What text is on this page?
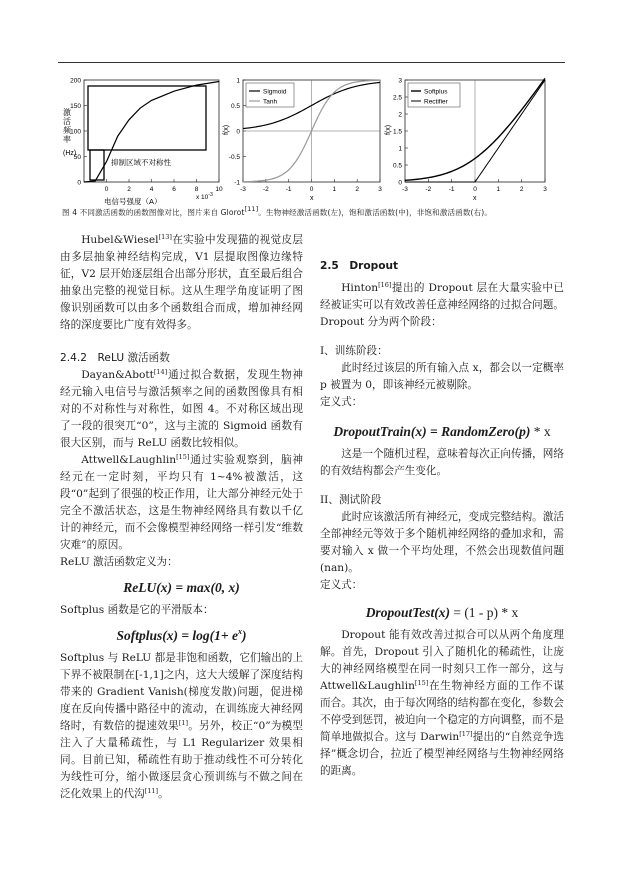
0	2	4	6	8	10
0
50
100
150
200
抑制区域不对称性
激活频率
(Hz)
电信号强度（A）	x $10^{-3}$
-3	-2	-1	0	1	2	3
-1
-0.5
0
0.5
1
Sigmoid
Tanh
f(x)
x
-3	-2	-1	0	1	2	3
0
0.5
1
1.5
2
2.5
3
Softplus
Rectifier
f(x)
x
图 4 不同激活函数的函数图像对比，图片来自 Glorot[11]。生物神经激活函数(左)，饱和激活函数(中)，非饱和激活函数(右)。

Hubel&Wiesel[13]在实验中发现猫的视觉皮层由多层抽象神经结构完成，V1 层提取图像边缘特征，V2 层开始逐层组合出部分形状，直至最后组合抽象出完整的视觉目标。这从生理学角度证明了图像识别函数可以由多个函数组合而成，增加神经网络的深度要比广度有效得多。

2.4.2　ReLU 激活函数

Dayan&Abott[14]通过拟合数据，发现生物神经元输入电信号与激活频率之间的函数图像具有相对的不对称性与对称性，如图 4。不对称区域出现了一段的很突兀“0”，这与主流的 Sigmoid 函数有很大区别，而与 ReLU 函数比较相似。

Attwell&Laughlin[15]通过实验观察到，脑神经元在一定时刻，平均只有 1~4%被激活，这段“0”起到了很强的校正作用，让大部分神经元处于完全不激活状态，这是生物神经网络具有数以千亿计的神经元，而不会像模型神经网络一样引发“维数灾难”的原因。

ReLU 激活函数定义为：

ReLU(x) = max(0, x)

Softplus 函数是它的平滑版本：

Softplus(x) = $\log(1+ e^x)$

Softplus 与 ReLU 都是非饱和函数，它们输出的上下界不被限制在[-1,1]之内，这大大缓解了深度结构带来的 Gradient Vanish(梯度发散)问题，促进梯度在反向传播中路径中的流动，在训练庞大神经网络时，有数倍的提速效果[1]。另外，校正“0”为模型注入了大量稀疏性，与 L1 Regularizer 效果相同。目前已知，稀疏性有助于推动线性不可分转化为线性可分，缩小做逐层贪心预训练与不做之间在泛化效果上的代沟[11]。

2.5　Dropout

Hinton[16]提出的 Dropout 层在大量实验中已经被证实可以有效改善任意神经网络的过拟合问题。Dropout 分为两个阶段：

I、训练阶段：

此时经过该层的所有输入点 x，都会以一定概率 p 被置为 0，即该神经元被剔除。

定义式：

DropoutTrain(x) = RandomZero(p) * x

这是一个随机过程，意味着每次正向传播，网络的有效结构都会产生变化。

II、测试阶段

此时应该激活所有神经元，变成完整结构。激活全部神经元等效于多个随机神经网络的叠加求和，需要对输入 x 做一个平均处理，不然会出现数值问题(nan)。

定义式：

DropoutTest(x) = (1 - p) * x

Dropout 能有效改善过拟合可以从两个角度理解。首先，Dropout 引入了随机化的稀疏性，让庞大的神经网络模型在同一时刻只工作一部分，这与 Attwell&Laughlin[15]在生物神经方面的工作不谋而合。其次，由于每次网络的结构都在变化，参数会不停受到惩罚，被迫向一个稳定的方向调整，而不是简单地做拟合。这与 Darwin[17]提出的“自然竞争选择”概念切合，拉近了模型神经网络与生物神经网络的距离。
